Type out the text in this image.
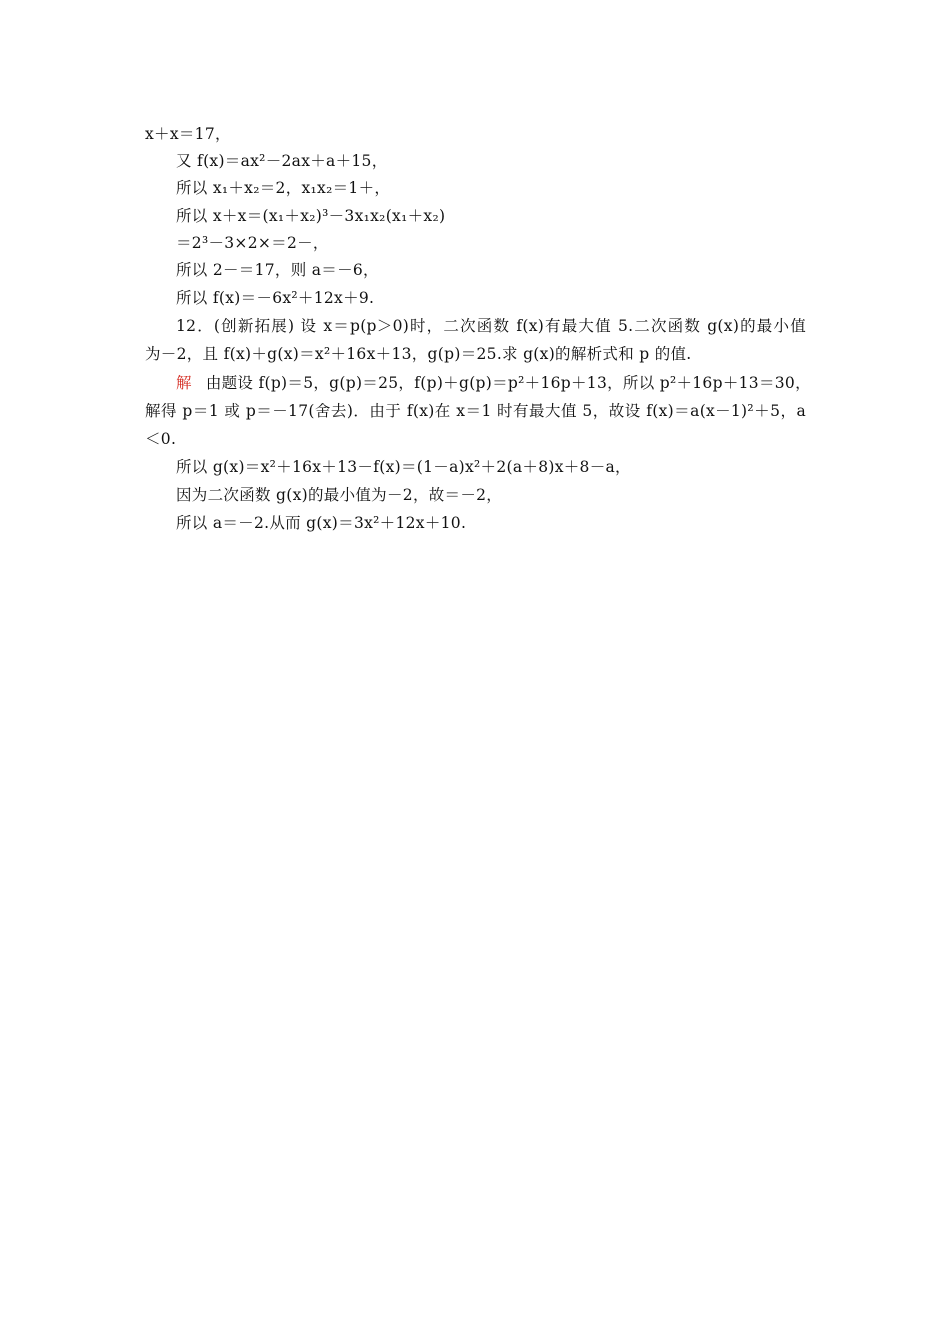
x＋x＝17，
又 f(x)＝ax²－2ax＋a＋15，
所以 x₁＋x₂＝2，x₁x₂＝1＋，
所以 x＋x＝(x₁＋x₂)³－3x₁x₂(x₁＋x₂)
＝2³－3×2×＝2－，
所以 2－＝17，则 a＝－6，
所以 f(x)＝－6x²＋12x＋9.
12．(创新拓展) 设 x＝p(p＞0)时，二次函数 f(x)有最大值 5.二次函数 g(x)的最小值
为－2，且 f(x)＋g(x)＝x²＋16x＋13，g(p)＝25.求 g(x)的解析式和 p 的值.
解 由题设 f(p)＝5，g(p)＝25，f(p)＋g(p)＝p²＋16p＋13，所以 p²＋16p＋13＝30，
解得 p＝1 或 p＝－17(舍去)．由于 f(x)在 x＝1 时有最大值 5，故设 f(x)＝a(x－1)²＋5，a
＜0.
所以 g(x)＝x²＋16x＋13－f(x)＝(1－a)x²＋2(a＋8)x＋8－a，
因为二次函数 g(x)的最小值为－2，故＝－2，
所以 a＝－2.从而 g(x)＝3x²＋12x＋10.
